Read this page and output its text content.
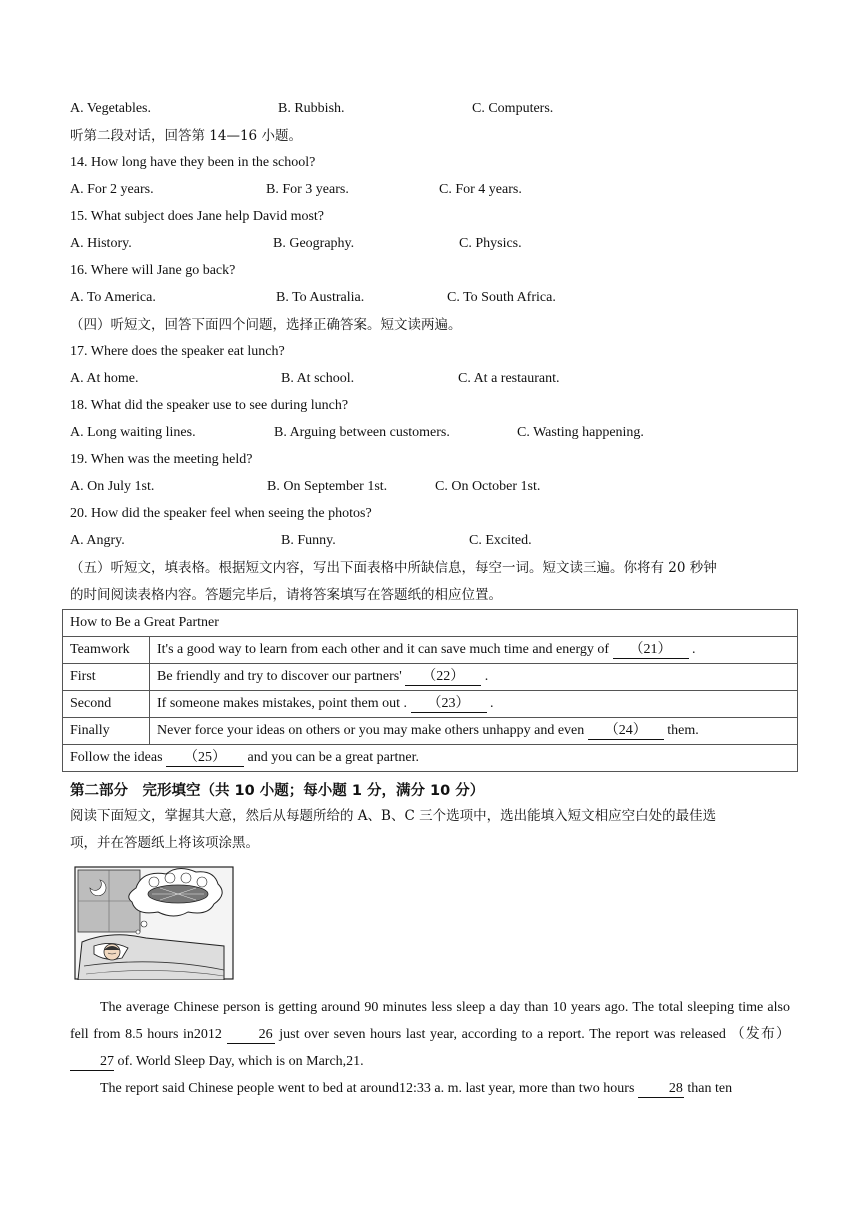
A. Vegetables.	B. Rubbish.	C. Computers.
听第二段对话，回答第 14—16 小题。
14. How long have they been in the school?
A. For 2 years.	B. For 3 years.	C. For 4 years.
15. What subject does Jane help David most?
A. History.	B. Geography.	C. Physics.
16. Where will Jane go back?
A. To America.	B. To Australia.	C. To South Africa.
（四）听短文，回答下面四个问题，选择正确答案。短文读两遍。
17. Where does the speaker eat lunch?
A. At home.	B. At school.	C. At a restaurant.
18. What did the speaker use to see during lunch?
A. Long waiting lines.	B. Arguing between customers.	C. Wasting happening.
19. When was the meeting held?
A. On July 1st.	B. On September 1st.	C. On October 1st.
20. How did the speaker feel when seeing the photos?
A. Angry.	B. Funny.	C. Excited.
（五）听短文，填表格。根据短文内容，写出下面表格中所缺信息，每空一词。短文读三遍。你将有 20 秒钟
的时间阅读表格内容。答题完毕后，请将答案填写在答题纸的相应位置。
How to Be a Great Partner	
Teamwork	It's a good way to learn from each other and it can save much time and energy of （21） .
First	Be friendly and try to discover our partners' （22） .
Second	If someone makes mistakes, point them out . （23） .
Finally	Never force your ideas on others or you may make others unhappy and even （24） them.
Follow the ideas （25） and you can be a great partner.	
第二部分　完形填空（共 10 小题；每小题 1 分，满分 10 分）
阅读下面短文，掌握其大意，然后从每题所给的 A、B、C 三个选项中，选出能填入短文相应空白处的最佳选
项，并在答题纸上将该项涂黑。
The average Chinese person is getting around 90 minutes less sleep a day than 10 years ago. The total sleeping time also fell from 8.5 hours in2012 26 just over seven hours last year, according to a report. The report was released （发布） 27 of. World Sleep Day, which is on March,21.
The report said Chinese people went to bed at around12:33 a. m. last year, more than two hours 28 than ten
